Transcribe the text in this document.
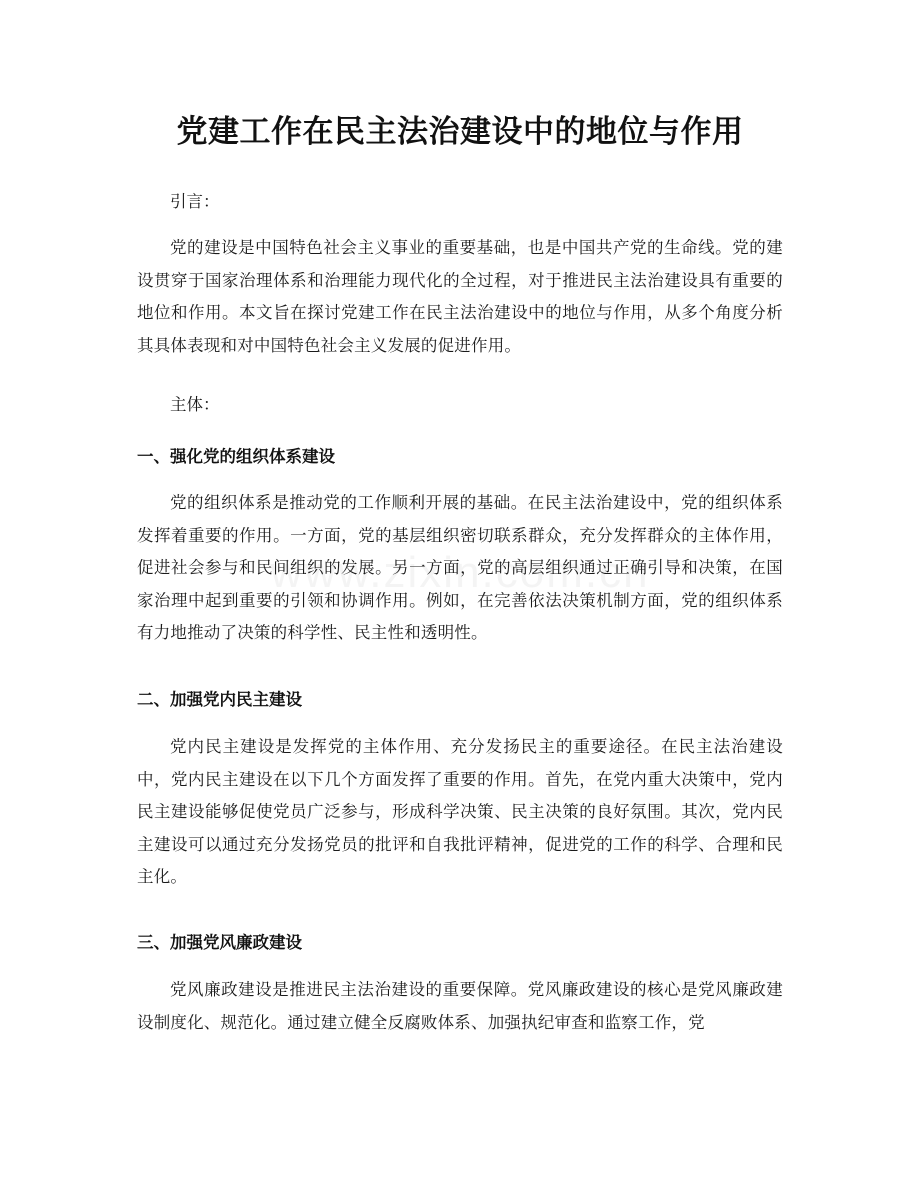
党建工作在民主法治建设中的地位与作用

引言：

党的建设是中国特色社会主义事业的重要基础，也是中国共产党的生命线。党的建设贯穿于国家治理体系和治理能力现代化的全过程，对于推进民主法治建设具有重要的地位和作用。本文旨在探讨党建工作在民主法治建设中的地位与作用，从多个角度分析其具体表现和对中国特色社会主义发展的促进作用。

主体：

一、强化党的组织体系建设

党的组织体系是推动党的工作顺利开展的基础。在民主法治建设中，党的组织体系发挥着重要的作用。一方面，党的基层组织密切联系群众，充分发挥群众的主体作用，促进社会参与和民间组织的发展。另一方面，党的高层组织通过正确引导和决策，在国家治理中起到重要的引领和协调作用。例如，在完善依法决策机制方面，党的组织体系有力地推动了决策的科学性、民主性和透明性。

二、加强党内民主建设

党内民主建设是发挥党的主体作用、充分发扬民主的重要途径。在民主法治建设中，党内民主建设在以下几个方面发挥了重要的作用。首先，在党内重大决策中，党内民主建设能够促使党员广泛参与，形成科学决策、民主决策的良好氛围。其次，党内民主建设可以通过充分发扬党员的批评和自我批评精神，促进党的工作的科学、合理和民主化。

三、加强党风廉政建设

党风廉政建设是推进民主法治建设的重要保障。党风廉政建设的核心是党风廉政建设制度化、规范化。通过建立健全反腐败体系、加强执纪审查和监察工作，党
